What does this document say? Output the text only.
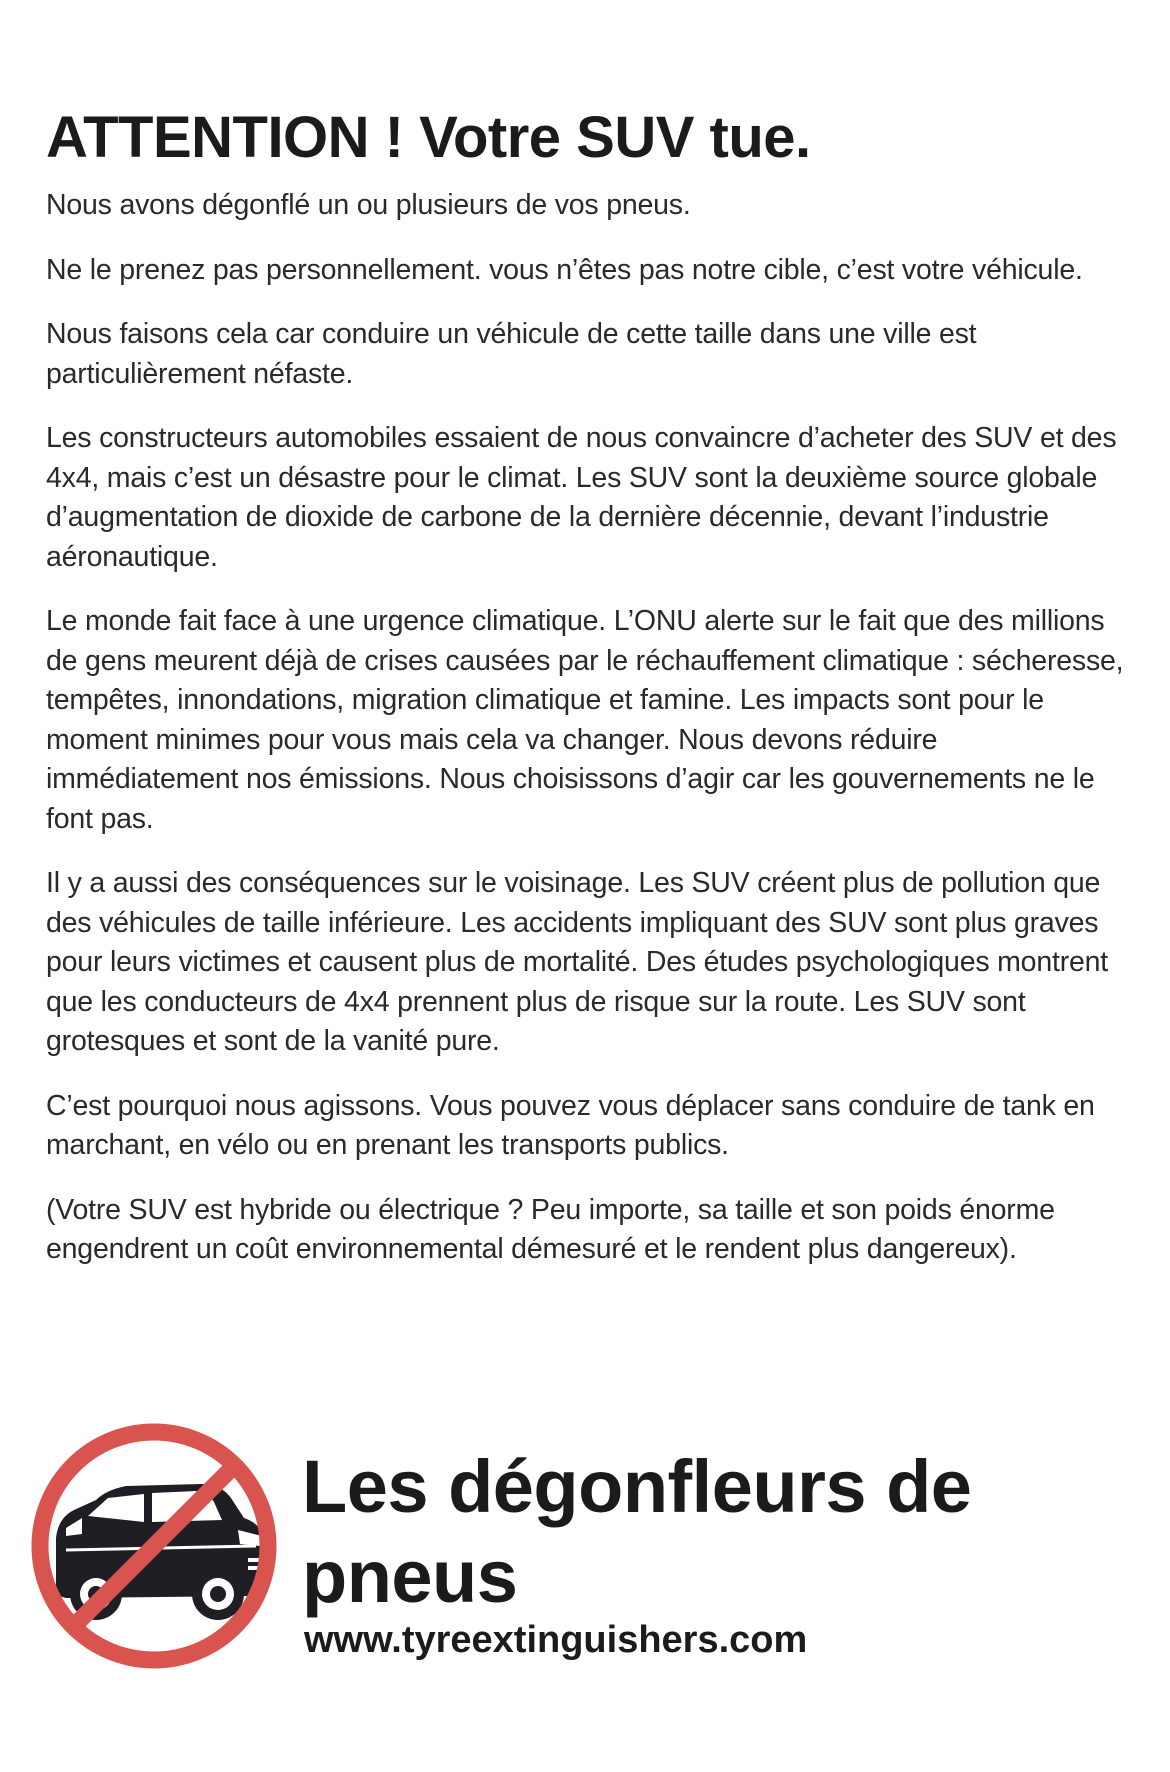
ATTENTION ! Votre SUV tue.

Nous avons dégonflé un ou plusieurs de vos pneus.

Ne le prenez pas personnellement. vous n’êtes pas notre cible, c’est votre véhicule.

Nous faisons cela car conduire un véhicule de cette taille dans une ville est particulièrement néfaste.

Les constructeurs automobiles essaient de nous convaincre d’acheter des SUV et des 4x4, mais c’est un désastre pour le climat. Les SUV sont la deuxième source globale d’augmentation de dioxide de carbone de la dernière décennie, devant l’industrie aéronautique.

Le monde fait face à une urgence climatique. L’ONU alerte sur le fait que des millions de gens meurent déjà de crises causées par le réchauffement climatique : sécheresse, tempêtes, innondations, migration climatique et famine. Les impacts sont pour le moment minimes pour vous mais cela va changer. Nous devons réduire immédiatement nos émissions. Nous choisissons d’agir car les gouvernements ne le font pas.

Il y a aussi des conséquences sur le voisinage. Les SUV créent plus de pollution que des véhicules de taille inférieure. Les accidents impliquant des SUV sont plus graves pour leurs victimes et causent plus de mortalité. Des études psychologiques montrent que les conducteurs de 4x4 prennent plus de risque sur la route. Les SUV sont grotesques et sont de la vanité pure.

C’est pourquoi nous agissons. Vous pouvez vous déplacer sans conduire de tank en marchant, en vélo ou en prenant les transports publics.

(Votre SUV est hybride ou électrique ? Peu importe, sa taille et son poids énorme engendrent un coût environnemental démesuré et le rendent plus dangereux).

Les dégonfleurs de pneus
www.tyreextinguishers.com
